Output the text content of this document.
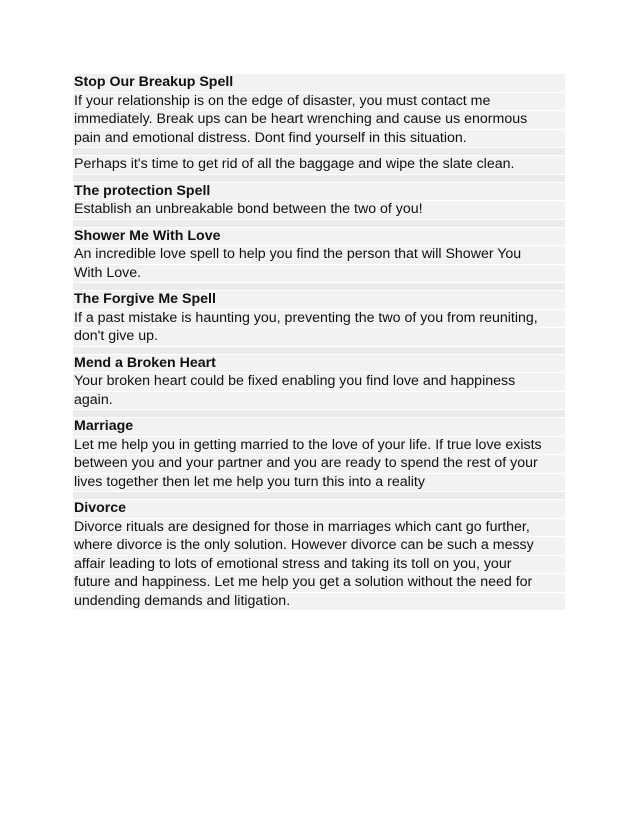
Stop Our Breakup Spell
If your relationship is on the edge of disaster, you must contact me
immediately. Break ups can be heart wrenching and cause us enormous
pain and emotional distress. Dont find yourself in this situation.
Perhaps it's time to get rid of all the baggage and wipe the slate clean.
The protection Spell
Establish an unbreakable bond between the two of you!
Shower Me With Love
An incredible love spell to help you find the person that will Shower You
With Love.
The Forgive Me Spell
If a past mistake is haunting you, preventing the two of you from reuniting,
don't give up.
Mend a Broken Heart
Your broken heart could be fixed enabling you find love and happiness
again.
Marriage
Let me help you in getting married to the love of your life. If true love exists
between you and your partner and you are ready to spend the rest of your
lives together then let me help you turn this into a reality
Divorce
Divorce rituals are designed for those in marriages which cant go further,
where divorce is the only solution. However divorce can be such a messy
affair leading to lots of emotional stress and taking its toll on you, your
future and happiness. Let me help you get a solution without the need for
undending demands and litigation.
